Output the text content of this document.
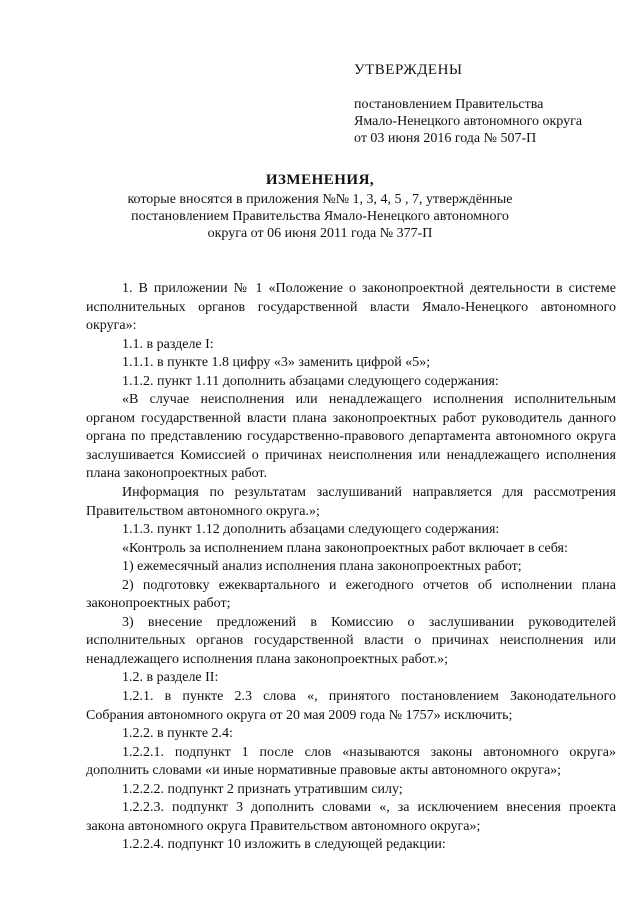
УТВЕРЖДЕНЫ
постановлением Правительства
Ямало-Ненецкого автономного округа
от 03 июня 2016 года № 507-П
ИЗМЕНЕНИЯ,
которые вносятся в приложения №№ 1, 3, 4, 5 , 7, утверждённые
постановлением Правительства Ямало-Ненецкого автономного
округа от 06 июня 2011 года № 377-П

1. В приложении № 1 «Положение о законопроектной деятельности в системе исполнительных органов государственной власти Ямало-Ненецкого автономного округа»:

1.1. в разделе I:

1.1.1. в пункте 1.8 цифру «3» заменить цифрой «5»;

1.1.2. пункт 1.11 дополнить абзацами следующего содержания:

«В случае неисполнения или ненадлежащего исполнения исполнительным органом государственной власти плана законопроектных работ руководитель данного органа по представлению государственно-правового департамента автономного округа заслушивается Комиссией о причинах неисполнения или ненадлежащего исполнения плана законопроектных работ.

Информация по результатам заслушиваний направляется для рассмотрения Правительством автономного округа.»;

1.1.3. пункт 1.12 дополнить абзацами следующего содержания:

«Контроль за исполнением плана законопроектных работ включает в себя:

1) ежемесячный анализ исполнения плана законопроектных работ;

2) подготовку ежеквартального и ежегодного отчетов об исполнении плана законопроектных работ;

3) внесение предложений в Комиссию о заслушивании руководителей исполнительных органов государственной власти о причинах неисполнения или ненадлежащего исполнения плана законопроектных работ.»;

1.2. в разделе II:

1.2.1. в пункте 2.3 слова «, принятого постановлением Законодательного Собрания автономного округа от 20 мая 2009 года № 1757» исключить;

1.2.2. в пункте 2.4:

1.2.2.1. подпункт 1 после слов «называются законы автономного округа» дополнить словами «и иные нормативные правовые акты автономного округа»;

1.2.2.2. подпункт 2 признать утратившим силу;

1.2.2.3. подпункт 3 дополнить словами «, за исключением внесения проекта закона автономного округа Правительством автономного округа»;

1.2.2.4. подпункт 10 изложить в следующей редакции:
